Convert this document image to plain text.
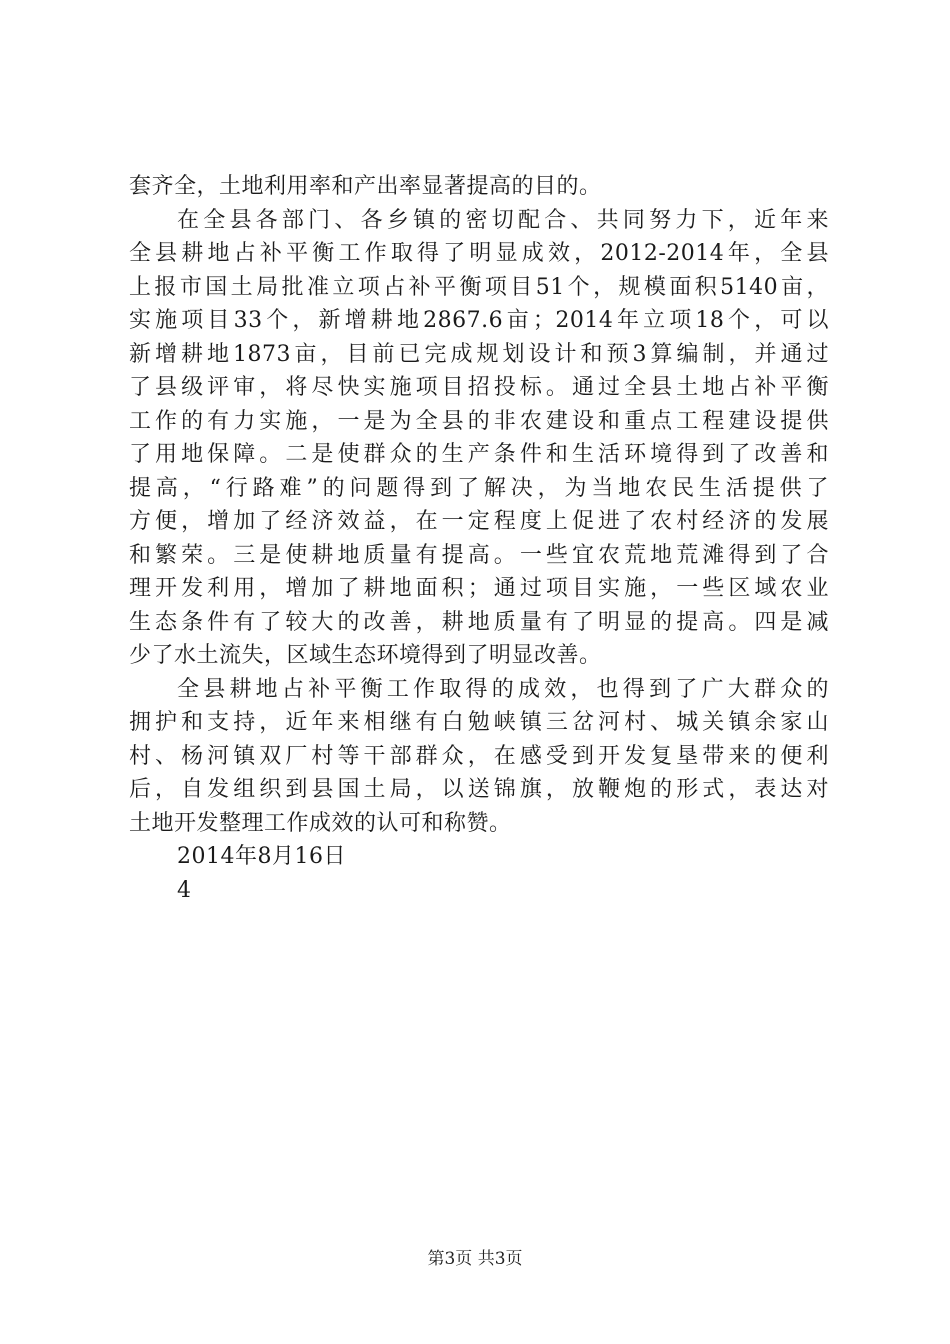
套齐全，土地利用率和产出率显著提高的目的。
在全县各部门、各乡镇的密切配合、共同努力下，近年来
全县耕地占补平衡工作取得了明显成效，2012-2014年，全县
上报市国土局批准立项占补平衡项目51个，规模面积5140亩，
实施项目33个，新增耕地2867.6亩；2014年立项18个，可以
新增耕地1873亩，目前已完成规划设计和预3算编制，并通过
了县级评审，将尽快实施项目招投标。通过全县土地占补平衡
工作的有力实施，一是为全县的非农建设和重点工程建设提供
了用地保障。二是使群众的生产条件和生活环境得到了改善和
提高，“行路难”的问题得到了解决，为当地农民生活提供了
方便，增加了经济效益，在一定程度上促进了农村经济的发展
和繁荣。三是使耕地质量有提高。一些宜农荒地荒滩得到了合
理开发利用，增加了耕地面积；通过项目实施，一些区域农业
生态条件有了较大的改善，耕地质量有了明显的提高。四是减
少了水土流失，区域生态环境得到了明显改善。
全县耕地占补平衡工作取得的成效，也得到了广大群众的
拥护和支持，近年来相继有白勉峡镇三岔河村、城关镇余家山
村、杨河镇双厂村等干部群众，在感受到开发复垦带来的便利
后，自发组织到县国土局，以送锦旗，放鞭炮的形式，表达对
土地开发整理工作成效的认可和称赞。
2014年8月16日
4
第3页 共3页
